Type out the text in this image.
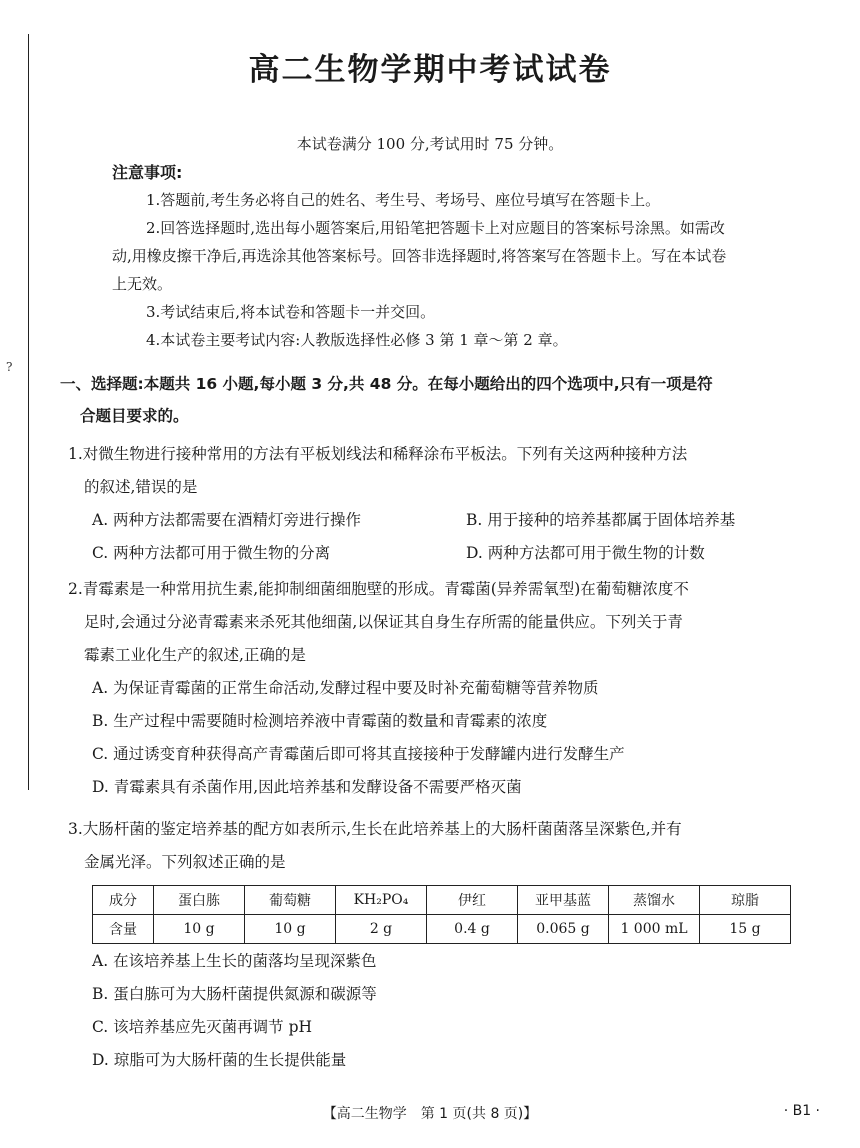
?
高二生物学期中考试试卷
本试卷满分 100 分,考试用时 75 分钟。
注意事项:

1.答题前,考生务必将自己的姓名、考生号、考场号、座位号填写在答题卡上。

2.回答选择题时,选出每小题答案后,用铅笔把答题卡上对应题目的答案标号涂黑。如需改动,用橡皮擦干净后,再选涂其他答案标号。回答非选择题时,将答案写在答题卡上。写在本试卷上无效。

3.考试结束后,将本试卷和答题卡一并交回。

4.本试卷主要考试内容:人教版选择性必修 3 第 1 章～第 2 章。

一、选择题:本题共 16 小题,每小题 3 分,共 48 分。在每小题给出的四个选项中,只有一项是符
合题目要求的。
1.对微生物进行接种常用的方法有平板划线法和稀释涂布平板法。下列有关这两种接种方法
的叙述,错误的是
A. 两种方法都需要在酒精灯旁进行操作	B. 用于接种的培养基都属于固体培养基
C. 两种方法都可用于微生物的分离	D. 两种方法都可用于微生物的计数
2.青霉素是一种常用抗生素,能抑制细菌细胞壁的形成。青霉菌(异养需氧型)在葡萄糖浓度不
足时,会通过分泌青霉素来杀死其他细菌,以保证其自身生存所需的能量供应。下列关于青
霉素工业化生产的叙述,正确的是
A. 为保证青霉菌的正常生命活动,发酵过程中要及时补充葡萄糖等营养物质
B. 生产过程中需要随时检测培养液中青霉菌的数量和青霉素的浓度
C. 通过诱变育种获得高产青霉菌后即可将其直接接种于发酵罐内进行发酵生产
D. 青霉素具有杀菌作用,因此培养基和发酵设备不需要严格灭菌
3.大肠杆菌的鉴定培养基的配方如表所示,生长在此培养基上的大肠杆菌菌落呈深紫色,并有
金属光泽。下列叙述正确的是
成分	蛋白胨	葡萄糖	KH₂PO₄	伊红	亚甲基蓝	蒸馏水	琼脂
含量	10 g	10 g	2 g	0.4 g	0.065 g	1 000 mL	15 g
A. 在该培养基上生长的菌落均呈现深紫色
B. 蛋白胨可为大肠杆菌提供氮源和碳源等
C. 该培养基应先灭菌再调节 pH
D. 琼脂可为大肠杆菌的生长提供能量
【高二生物学　第 1 页(共 8 页)】	· B1 ·
